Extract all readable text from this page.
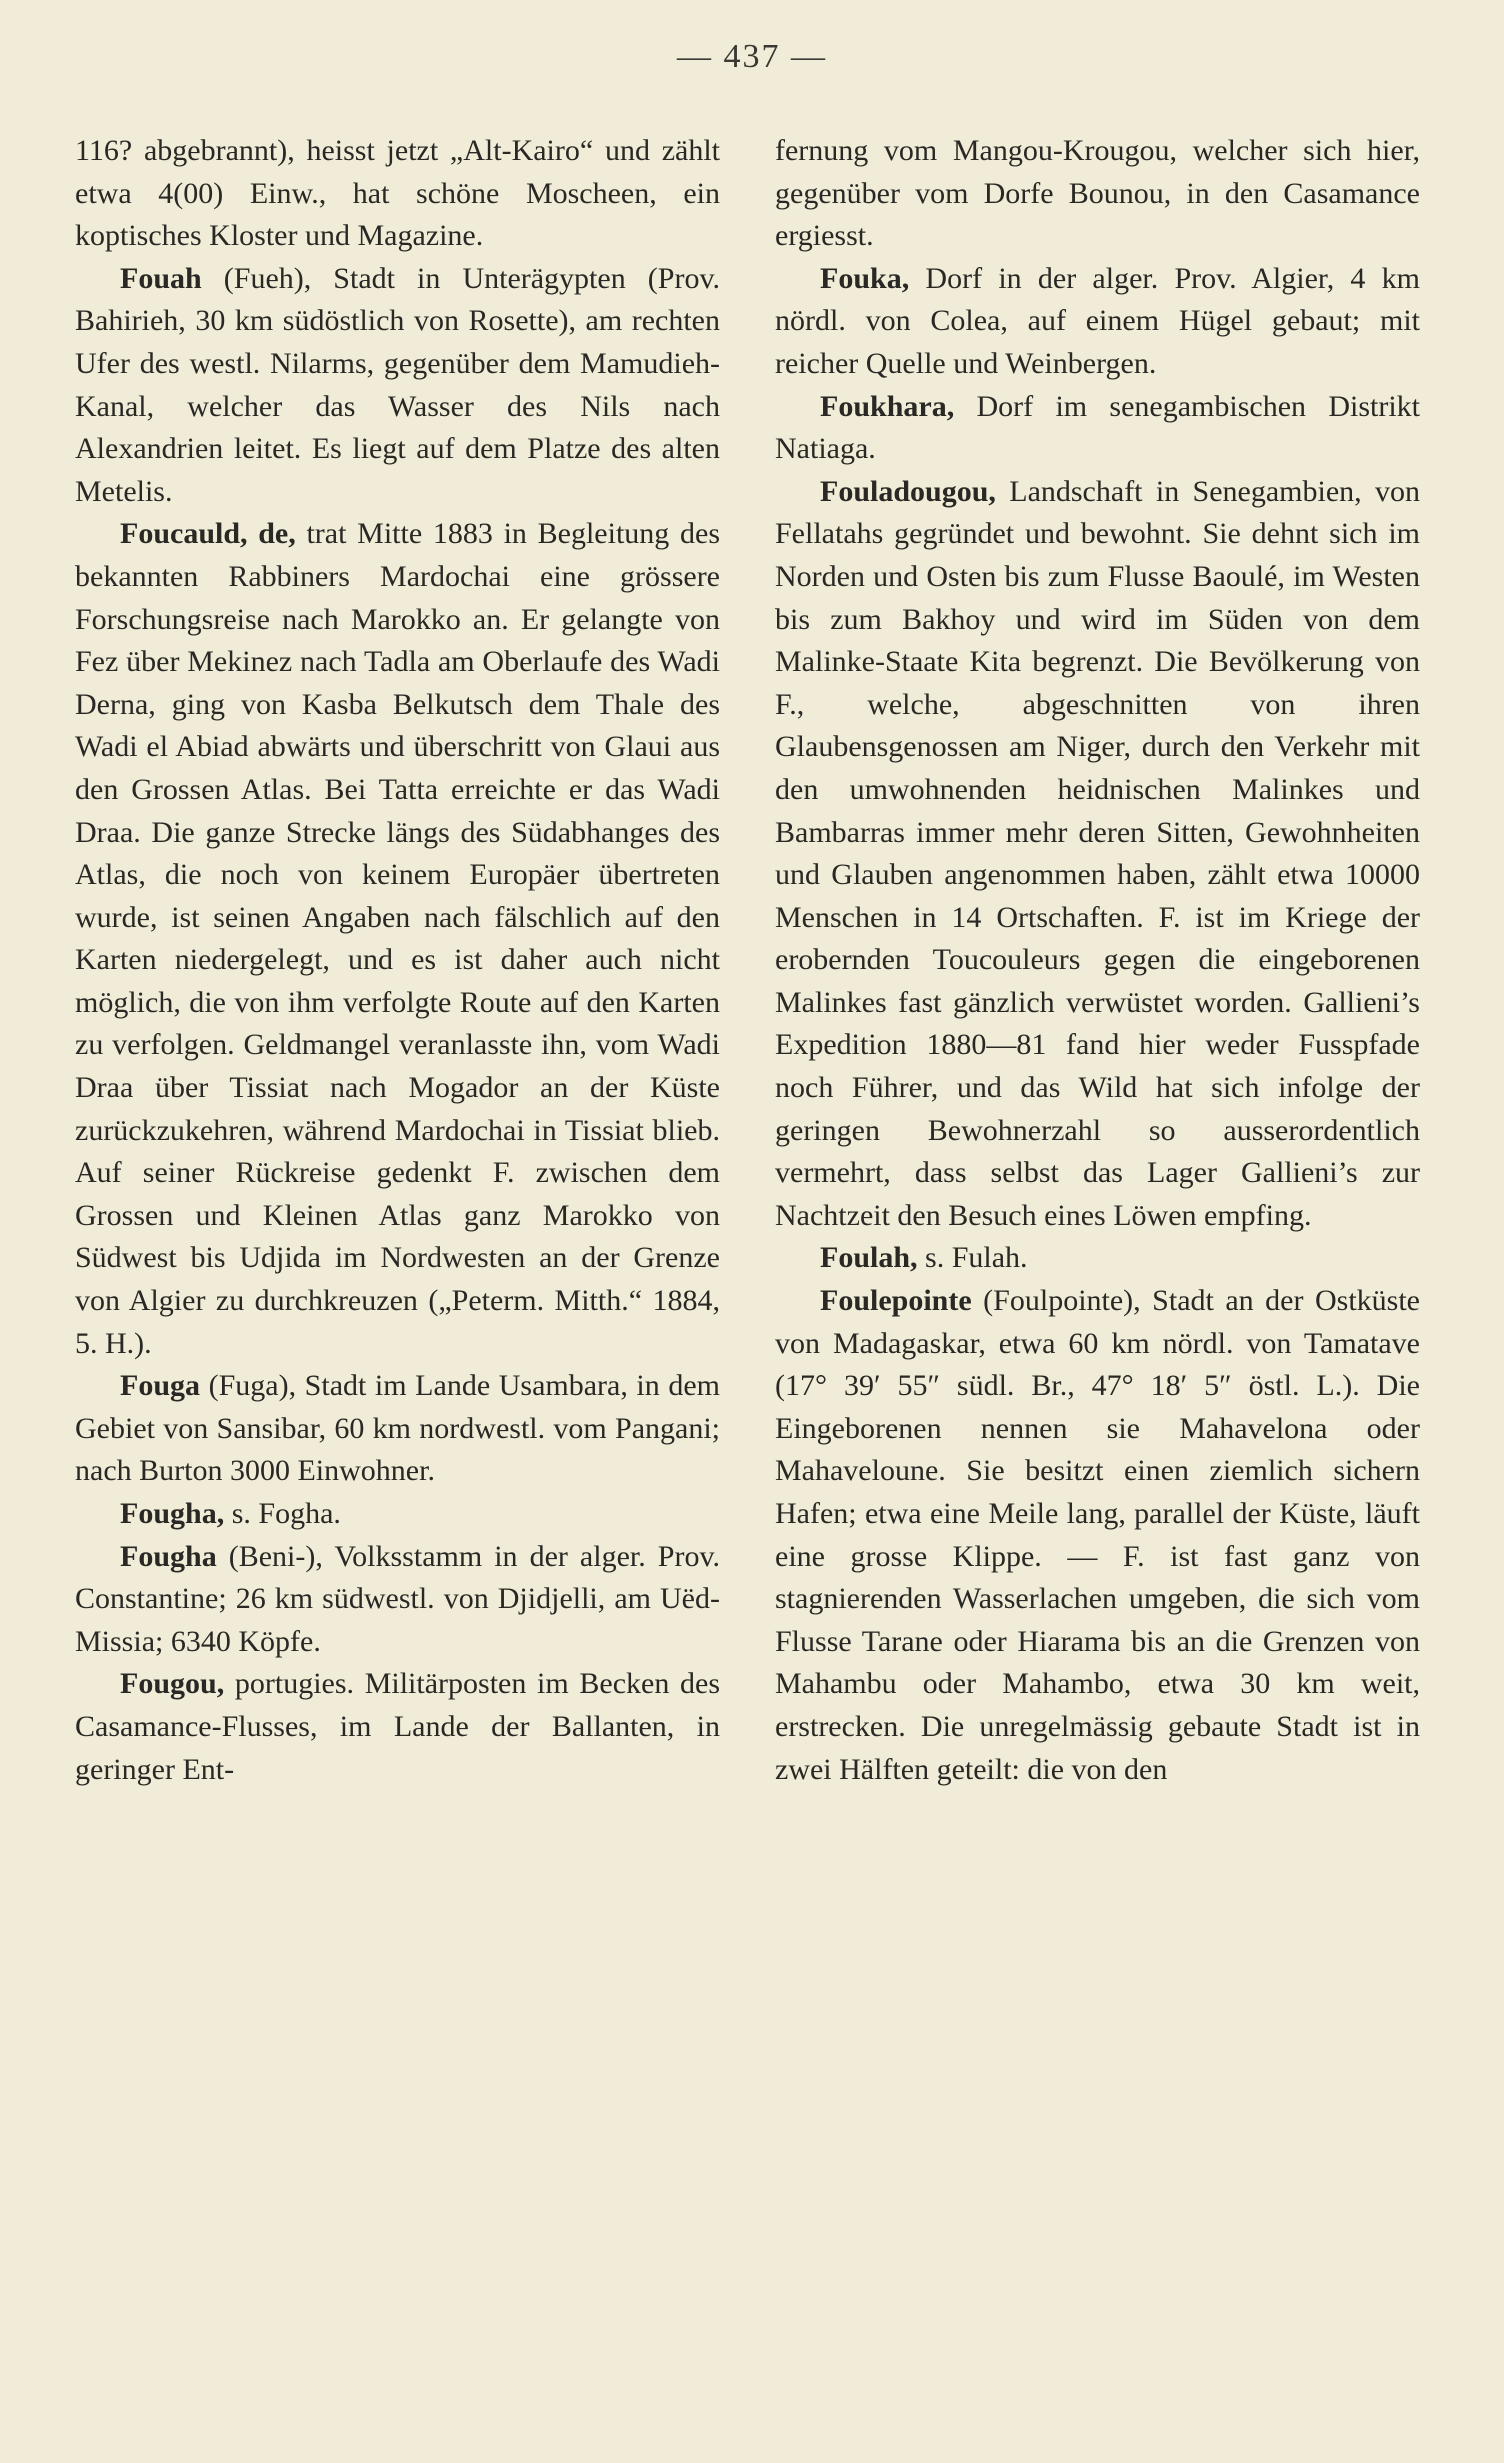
— 437 —

116? abgebrannt), heisst jetzt „Alt-Kairo“ und zählt etwa 4(00) Einw., hat schöne Moscheen, ein koptisches Kloster und Magazine.

Fouah (Fueh), Stadt in Unterägypten (Prov. Bahirieh, 30 km südöstlich von Rosette), am rechten Ufer des westl. Nilarms, gegenüber dem Mamudieh-Kanal, welcher das Wasser des Nils nach Alexandrien leitet. Es liegt auf dem Platze des alten Metelis.

Foucauld, de, trat Mitte 1883 in Begleitung des bekannten Rabbiners Mardochai eine grössere Forschungsreise nach Marokko an. Er gelangte von Fez über Mekinez nach Tadla am Oberlaufe des Wadi Derna, ging von Kasba Belkutsch dem Thale des Wadi el Abiad abwärts und überschritt von Glaui aus den Grossen Atlas. Bei Tatta erreichte er das Wadi Draa. Die ganze Strecke längs des Südabhanges des Atlas, die noch von keinem Europäer übertreten wurde, ist seinen Angaben nach fälschlich auf den Karten niedergelegt, und es ist daher auch nicht möglich, die von ihm verfolgte Route auf den Karten zu verfolgen. Geldmangel veranlasste ihn, vom Wadi Draa über Tissiat nach Mogador an der Küste zurückzukehren, während Mardochai in Tissiat blieb. Auf seiner Rückreise gedenkt F. zwischen dem Grossen und Kleinen Atlas ganz Marokko von Südwest bis Udjida im Nordwesten an der Grenze von Algier zu durchkreuzen („Peterm. Mitth.“ 1884, 5. H.).

Fouga (Fuga), Stadt im Lande Usambara, in dem Gebiet von Sansibar, 60 km nordwestl. vom Pangani; nach Burton 3000 Einwohner.

Fougha, s. Fogha.

Fougha (Beni-), Volksstamm in der alger. Prov. Constantine; 26 km südwestl. von Djidjelli, am Uëd-Missia; 6340 Köpfe.

Fougou, portugies. Militärposten im Becken des Casamance-Flusses, im Lande der Ballanten, in geringer Ent-

fernung vom Mangou-Krougou, welcher sich hier, gegenüber vom Dorfe Bounou, in den Casamance ergiesst.

Fouka, Dorf in der alger. Prov. Algier, 4 km nördl. von Colea, auf einem Hügel gebaut; mit reicher Quelle und Weinbergen.

Foukhara, Dorf im senegambischen Distrikt Natiaga.

Fouladougou, Landschaft in Senegambien, von Fellatahs gegründet und bewohnt. Sie dehnt sich im Norden und Osten bis zum Flusse Baoulé, im Westen bis zum Bakhoy und wird im Süden von dem Malinke-Staate Kita begrenzt. Die Bevölkerung von F., welche, abgeschnitten von ihren Glaubensgenossen am Niger, durch den Verkehr mit den umwohnenden heidnischen Malinkes und Bambarras immer mehr deren Sitten, Gewohnheiten und Glauben angenommen haben, zählt etwa 10000 Menschen in 14 Ortschaften. F. ist im Kriege der erobernden Toucouleurs gegen die eingeborenen Malinkes fast gänzlich verwüstet worden. Gallieni’s Expedition 1880—81 fand hier weder Fusspfade noch Führer, und das Wild hat sich infolge der geringen Bewohnerzahl so ausserordentlich vermehrt, dass selbst das Lager Gallieni’s zur Nachtzeit den Besuch eines Löwen empfing.

Foulah, s. Fulah.

Foulepointe (Foulpointe), Stadt an der Ostküste von Madagaskar, etwa 60 km nördl. von Tamatave (17° 39′ 55″ südl. Br., 47° 18′ 5″ östl. L.). Die Eingeborenen nennen sie Mahavelona oder Mahaveloune. Sie besitzt einen ziemlich sichern Hafen; etwa eine Meile lang, parallel der Küste, läuft eine grosse Klippe. — F. ist fast ganz von stagnierenden Wasserlachen umgeben, die sich vom Flusse Tarane oder Hiarama bis an die Grenzen von Mahambu oder Mahambo, etwa 30 km weit, erstrecken. Die unregelmässig gebaute Stadt ist in zwei Hälften geteilt: die von den
